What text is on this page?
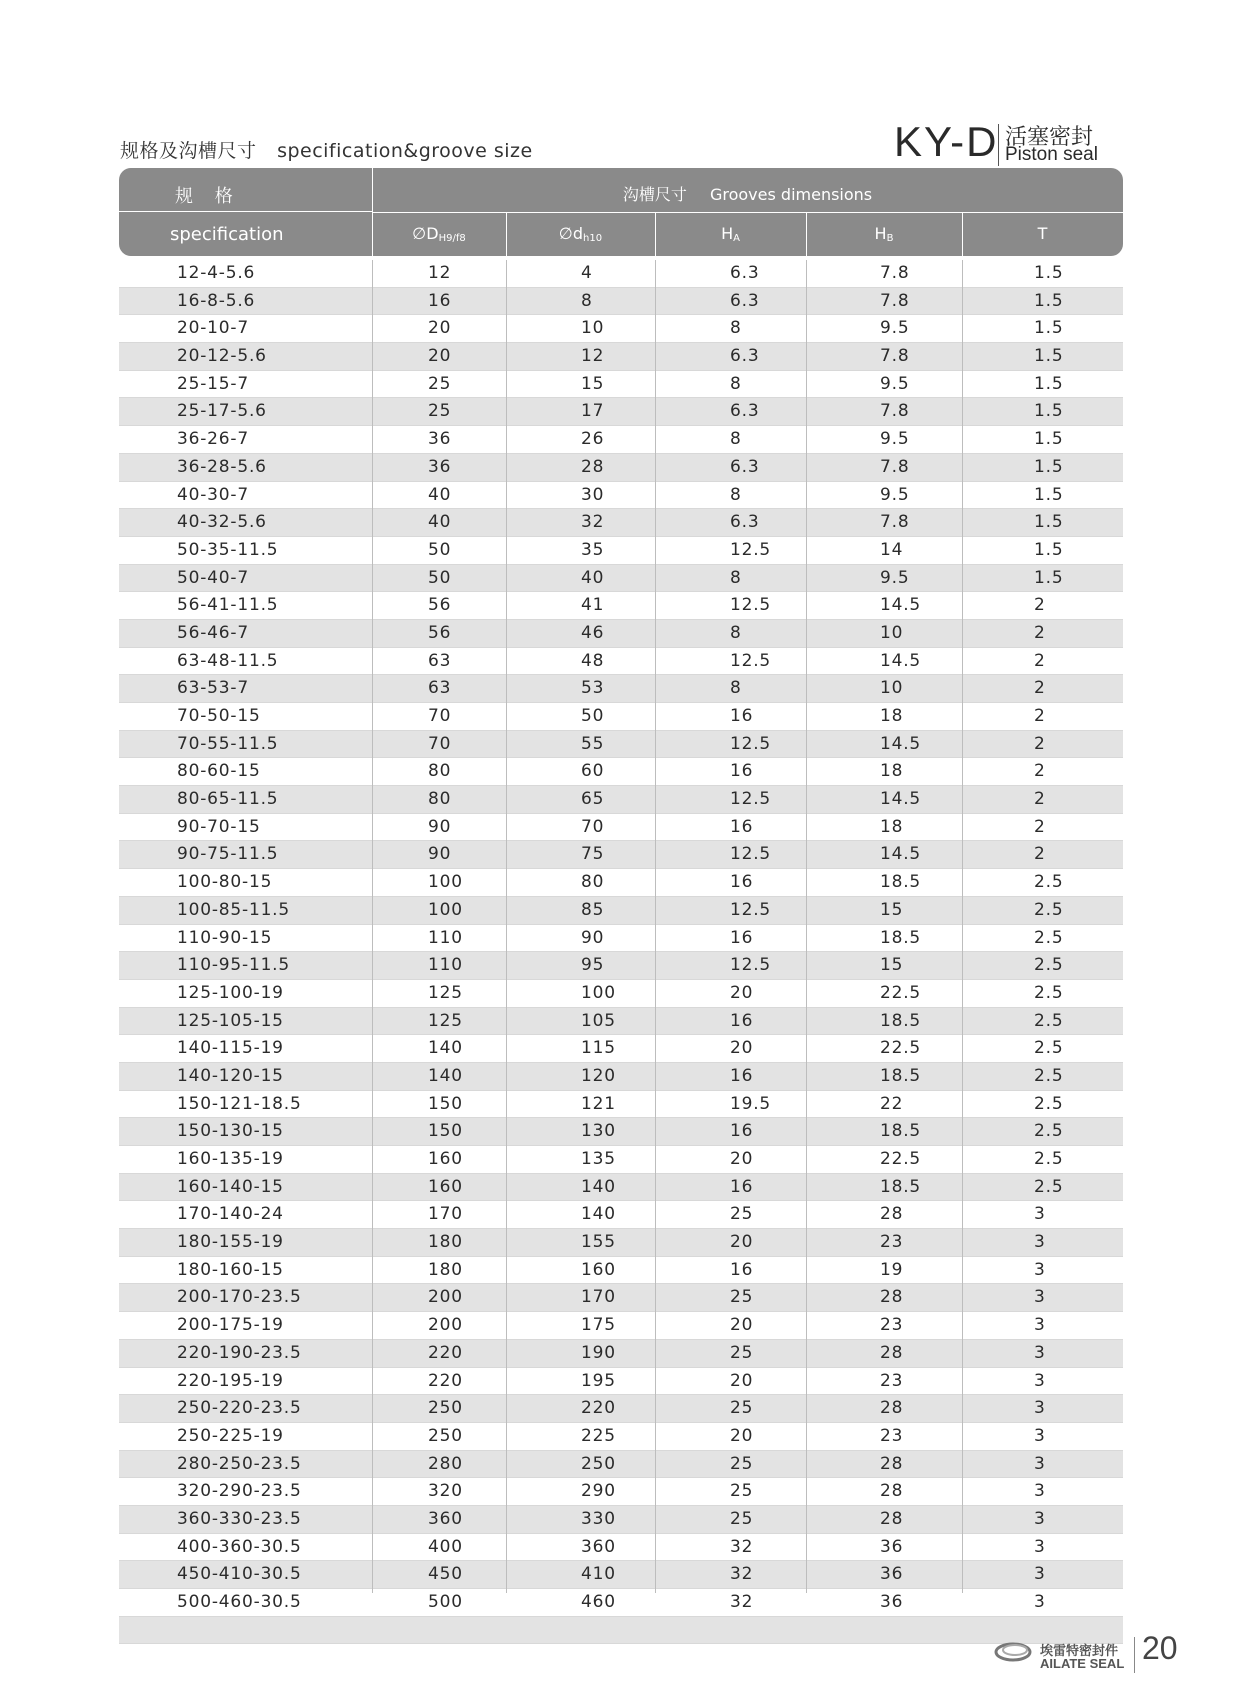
规格及沟槽尺寸 specification&groove size	KY-D 活塞密封
Piston seal
规 格
specification
沟槽尺寸 Grooves dimensions
$\emptyset D_{H9/f8}$	$\emptyset d_{h10}$	$H_A$	$H_B$	T
12-4-5.6	12	4	6.3	7.8	1.5
16-8-5.6	16	8	6.3	7.8	1.5
20-10-7	20	10	8	9.5	1.5
20-12-5.6	20	12	6.3	7.8	1.5
25-15-7	25	15	8	9.5	1.5
25-17-5.6	25	17	6.3	7.8	1.5
36-26-7	36	26	8	9.5	1.5
36-28-5.6	36	28	6.3	7.8	1.5
40-30-7	40	30	8	9.5	1.5
40-32-5.6	40	32	6.3	7.8	1.5
50-35-11.5	50	35	12.5	14	1.5
50-40-7	50	40	8	9.5	1.5
56-41-11.5	56	41	12.5	14.5	2
56-46-7	56	46	8	10	2
63-48-11.5	63	48	12.5	14.5	2
63-53-7	63	53	8	10	2
70-50-15	70	50	16	18	2
70-55-11.5	70	55	12.5	14.5	2
80-60-15	80	60	16	18	2
80-65-11.5	80	65	12.5	14.5	2
90-70-15	90	70	16	18	2
90-75-11.5	90	75	12.5	14.5	2
100-80-15	100	80	16	18.5	2.5
100-85-11.5	100	85	12.5	15	2.5
110-90-15	110	90	16	18.5	2.5
110-95-11.5	110	95	12.5	15	2.5
125-100-19	125	100	20	22.5	2.5
125-105-15	125	105	16	18.5	2.5
140-115-19	140	115	20	22.5	2.5
140-120-15	140	120	16	18.5	2.5
150-121-18.5	150	121	19.5	22	2.5
150-130-15	150	130	16	18.5	2.5
160-135-19	160	135	20	22.5	2.5
160-140-15	160	140	16	18.5	2.5
170-140-24	170	140	25	28	3
180-155-19	180	155	20	23	3
180-160-15	180	160	16	19	3
200-170-23.5	200	170	25	28	3
200-175-19	200	175	20	23	3
220-190-23.5	220	190	25	28	3
220-195-19	220	195	20	23	3
250-220-23.5	250	220	25	28	3
250-225-19	250	225	20	23	3
280-250-23.5	280	250	25	28	3
320-290-23.5	320	290	25	28	3
360-330-23.5	360	330	25	28	3
400-360-30.5	400	360	32	36	3
450-410-30.5	450	410	32	36	3
500-460-30.5	500	460	32	36	3
埃雷特密封件
AILATE SEAL 20
